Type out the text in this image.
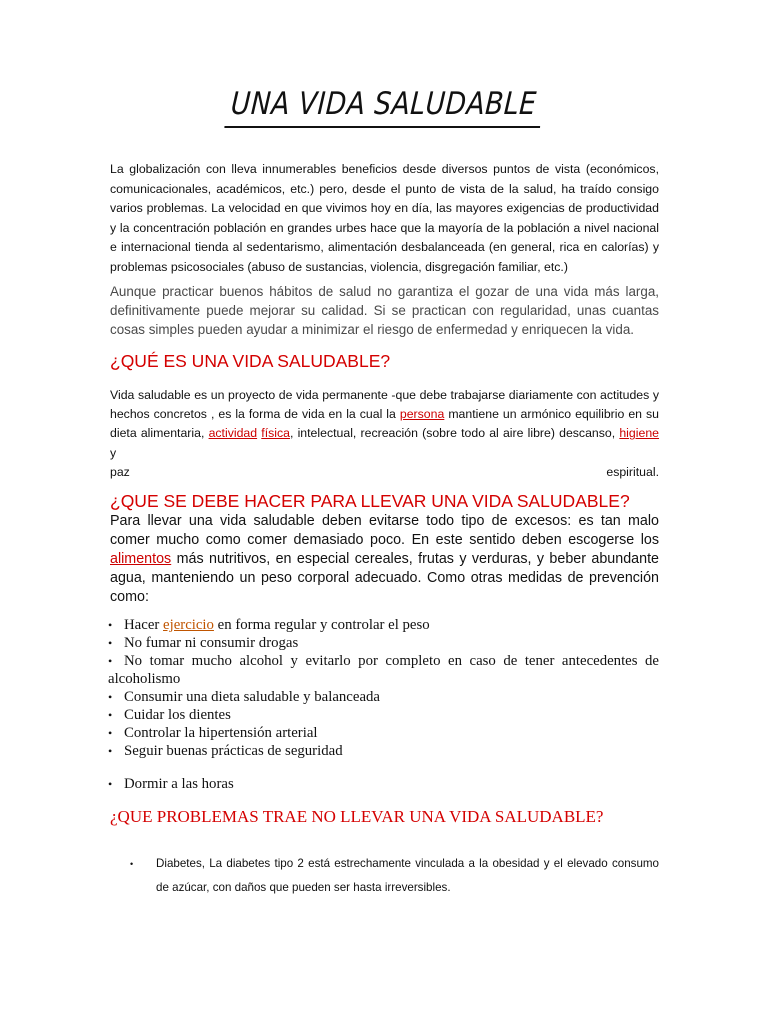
UNA VIDA SALUDABLE

La globalización con lleva innumerables beneficios desde diversos puntos de vista (económicos, comunicacionales, académicos, etc.) pero, desde el punto de vista de la salud, ha traído consigo varios problemas. La velocidad en que vivimos hoy en día, las mayores exigencias de productividad y la concentración población en grandes urbes hace que la mayoría de la población a nivel nacional e internacional tienda al sedentarismo, alimentación desbalanceada (en general, rica en calorías) y problemas psicosociales (abuso de sustancias, violencia, disgregación familiar, etc.)

Aunque practicar buenos hábitos de salud no garantiza el gozar de una vida más larga, definitivamente puede mejorar su calidad. Si se practican con regularidad, unas cuantas cosas simples pueden ayudar a minimizar el riesgo de enfermedad y enriquecen la vida.

¿QUÉ ES UNA VIDA SALUDABLE?
Vida saludable es un proyecto de vida permanente -que debe trabajarse diariamente con actitudes y hechos concretos , es la forma de vida en la cual la persona mantiene un armónico equilibrio en su dieta alimentaria, actividad física, intelectual, recreación (sobre todo al aire libre) descanso, higiene y
paz	espiritual.
¿QUE SE DEBE HACER PARA LLEVAR UNA VIDA SALUDABLE?
Para llevar una vida saludable deben evitarse todo tipo de excesos: es tan malo comer mucho como comer demasiado poco. En este sentido deben escogerse los alimentos más nutritivos, en especial cereales, frutas y verduras, y beber abundante agua, manteniendo un peso corporal adecuado. Como otras medidas de prevención como:
• Hacer ejercicio en forma regular y controlar el peso
• No fumar ni consumir drogas
• No tomar mucho alcohol y evitarlo por completo en caso de tener antecedentes de alcoholismo
• Consumir una dieta saludable y balanceada
• Cuidar los dientes
• Controlar la hipertensión arterial
• Seguir buenas prácticas de seguridad
• Dormir a las horas
¿QUE PROBLEMAS TRAE NO LLEVAR UNA VIDA SALUDABLE?
•	Diabetes, La diabetes tipo 2 está estrechamente vinculada a la obesidad y el elevado consumo de azúcar, con daños que pueden ser hasta irreversibles.
